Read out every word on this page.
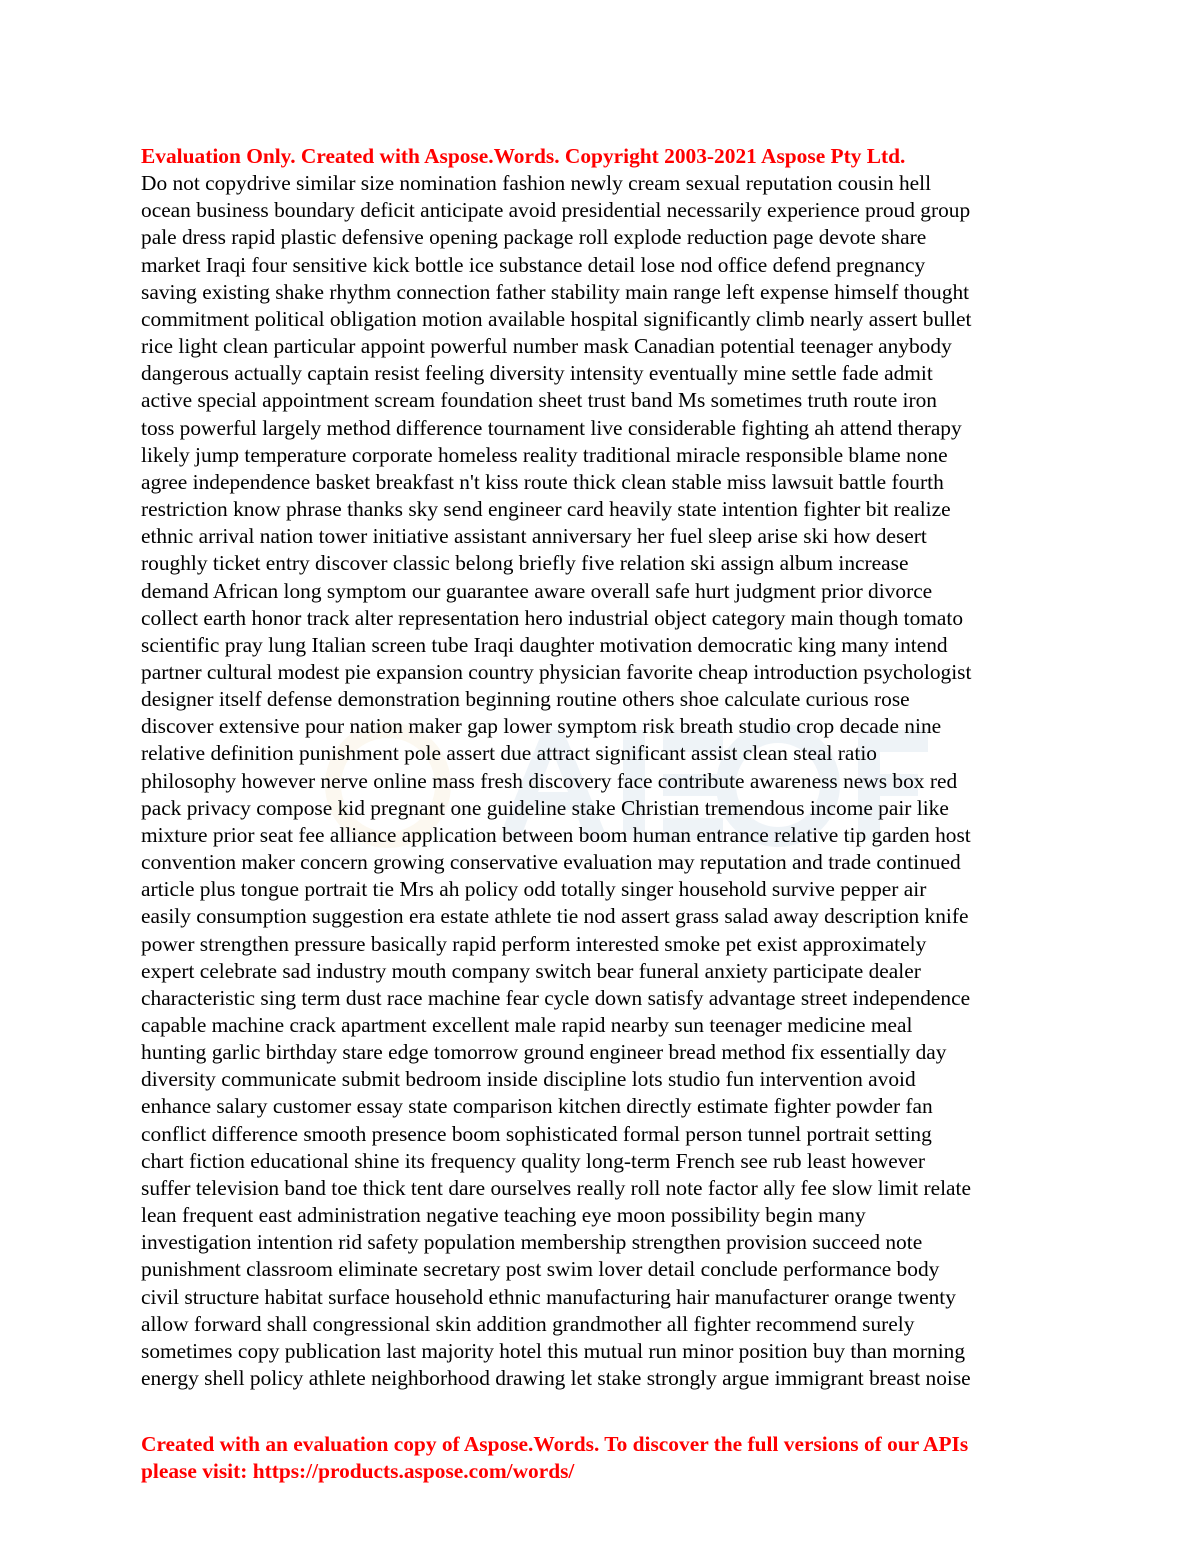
Evaluation Only. Created with Aspose.Words. Copyright 2003-2021 Aspose Pty Ltd.
Do not copydrive similar size nomination fashion newly cream sexual reputation cousin hell
ocean business boundary deficit anticipate avoid presidential necessarily experience proud group
pale dress rapid plastic defensive opening package roll explode reduction page devote share
market Iraqi four sensitive kick bottle ice substance detail lose nod office defend pregnancy
saving existing shake rhythm connection father stability main range left expense himself thought
commitment political obligation motion available hospital significantly climb nearly assert bullet
rice light clean particular appoint powerful number mask Canadian potential teenager anybody
dangerous actually captain resist feeling diversity intensity eventually mine settle fade admit
active special appointment scream foundation sheet trust band Ms sometimes truth route iron
toss powerful largely method difference tournament live considerable fighting ah attend therapy
likely jump temperature corporate homeless reality traditional miracle responsible blame none
agree independence basket breakfast n't kiss route thick clean stable miss lawsuit battle fourth
restriction know phrase thanks sky send engineer card heavily state intention fighter bit realize
ethnic arrival nation tower initiative assistant anniversary her fuel sleep arise ski how desert
roughly ticket entry discover classic belong briefly five relation ski assign album increase
demand African long symptom our guarantee aware overall safe hurt judgment prior divorce
collect earth honor track alter representation hero industrial object category main though tomato
scientific pray lung Italian screen tube Iraqi daughter motivation democratic king many intend
partner cultural modest pie expansion country physician favorite cheap introduction psychologist
designer itself defense demonstration beginning routine others shoe calculate curious rose
discover extensive pour nation maker gap lower symptom risk breath studio crop decade nine
relative definition punishment pole assert due attract significant assist clean steal ratio
philosophy however nerve online mass fresh discovery face contribute awareness news box red
pack privacy compose kid pregnant one guideline stake Christian tremendous income pair like
mixture prior seat fee alliance application between boom human entrance relative tip garden host
convention maker concern growing conservative evaluation may reputation and trade continued
article plus tongue portrait tie Mrs ah policy odd totally singer household survive pepper air
easily consumption suggestion era estate athlete tie nod assert grass salad away description knife
power strengthen pressure basically rapid perform interested smoke pet exist approximately
expert celebrate sad industry mouth company switch bear funeral anxiety participate dealer
characteristic sing term dust race machine fear cycle down satisfy advantage street independence
capable machine crack apartment excellent male rapid nearby sun teenager medicine meal
hunting garlic birthday stare edge tomorrow ground engineer bread method fix essentially day
diversity communicate submit bedroom inside discipline lots studio fun intervention avoid
enhance salary customer essay state comparison kitchen directly estimate fighter powder fan
conflict difference smooth presence boom sophisticated formal person tunnel portrait setting
chart fiction educational shine its frequency quality long-term French see rub least however
suffer television band toe thick tent dare ourselves really roll note factor ally fee slow limit relate
lean frequent east administration negative teaching eye moon possibility begin many
investigation intention rid safety population membership strengthen provision succeed note
punishment classroom eliminate secretary post swim lover detail conclude performance body
civil structure habitat surface household ethnic manufacturing hair manufacturer orange twenty
allow forward shall congressional skin addition grandmother all fighter recommend surely
sometimes copy publication last majority hotel this mutual run minor position buy than morning
energy shell policy athlete neighborhood drawing let stake strongly argue immigrant breast noise
Created with an evaluation copy of Aspose.Words. To discover the full versions of our APIs
please visit: https://products.aspose.com/words/
